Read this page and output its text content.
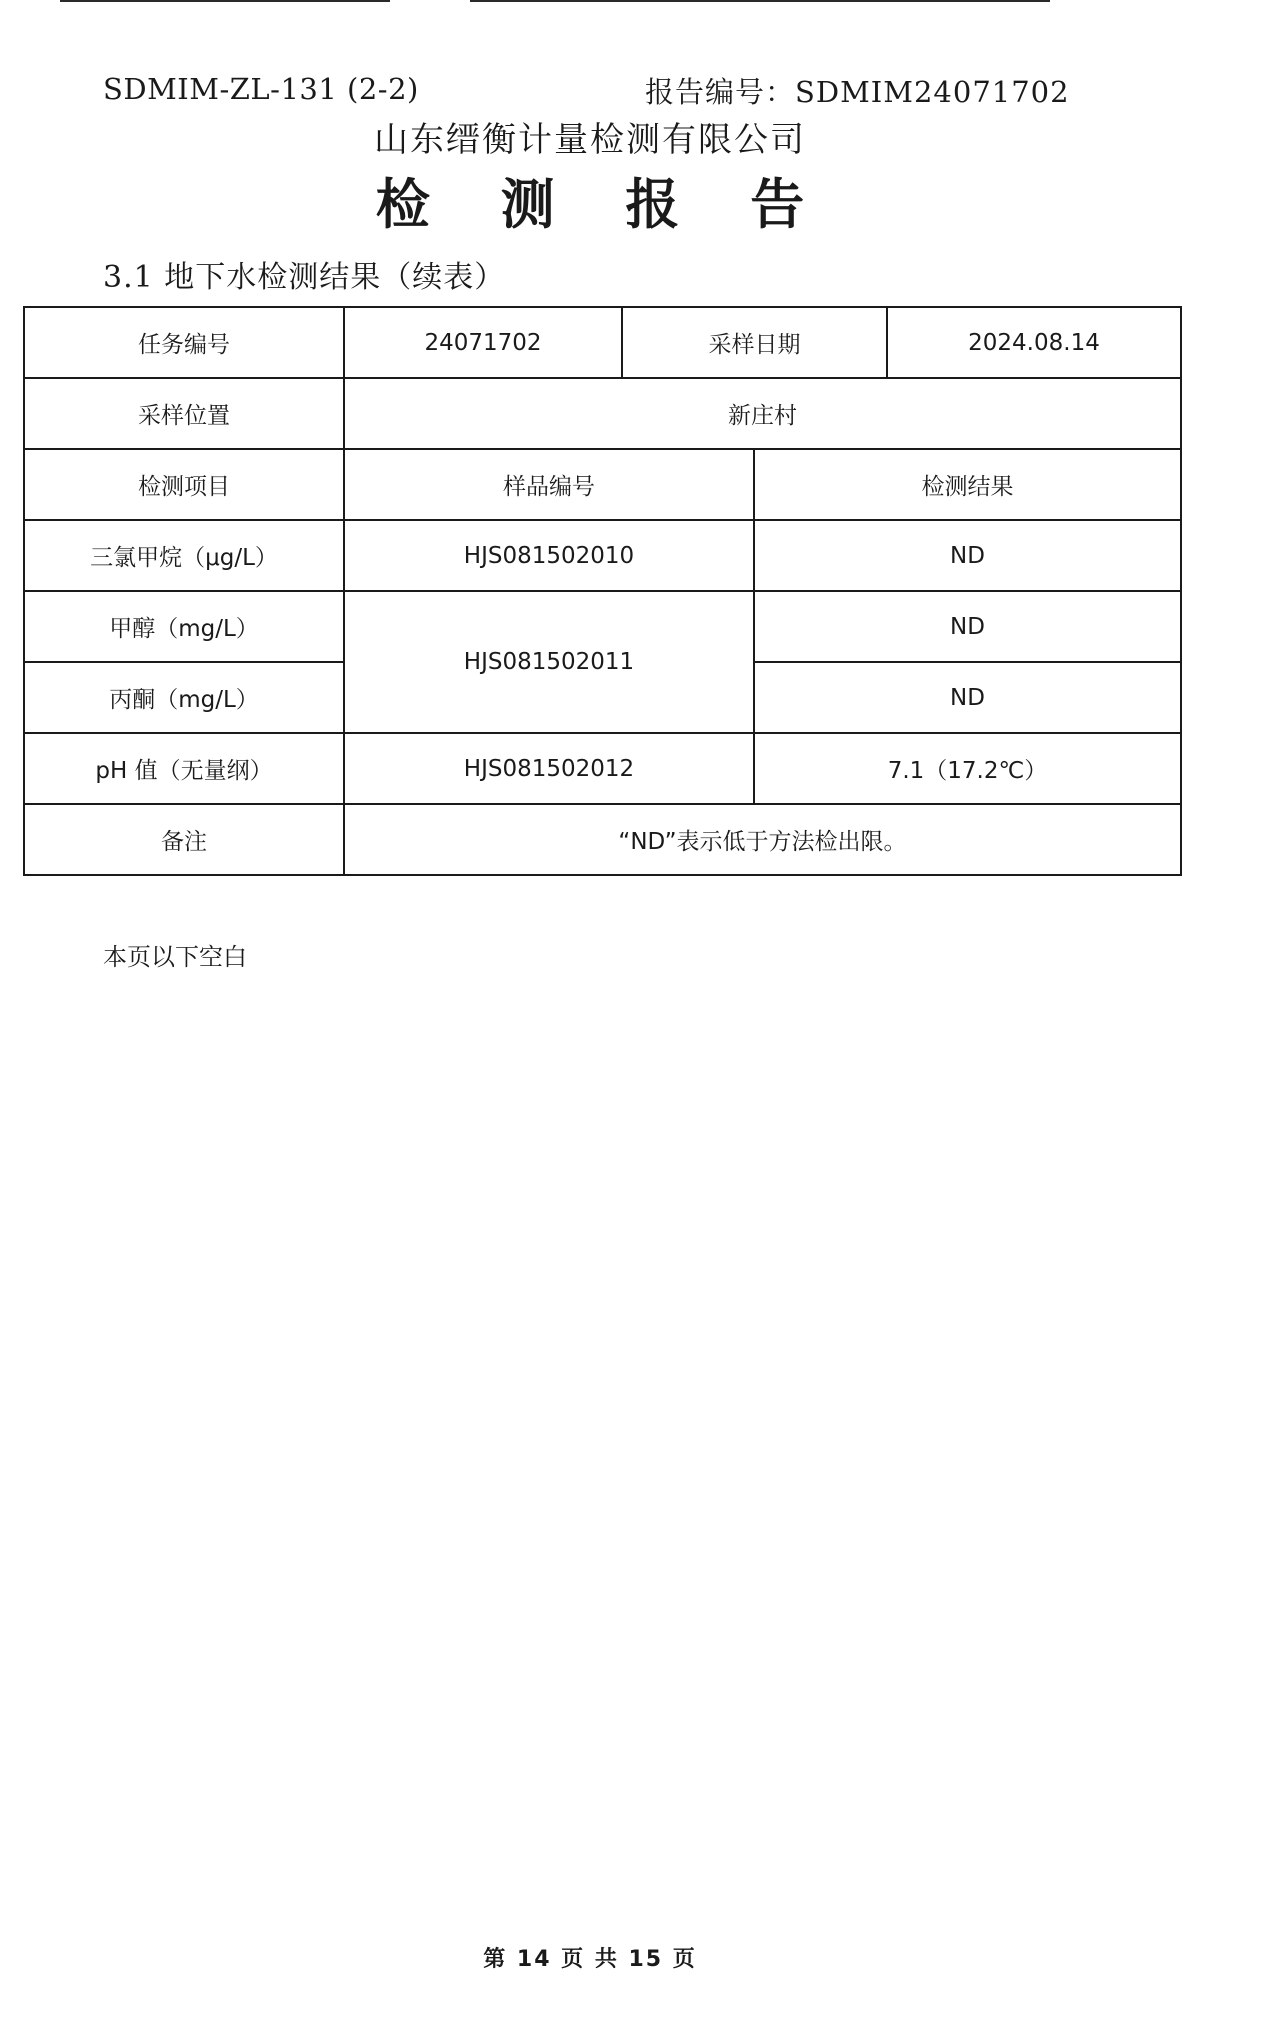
SDMIM-ZL-131 (2-2)	报告编号：SDMIM24071702
山东缙衡计量检测有限公司
检 测 报 告
3.1 地下水检测结果（续表）
任务编号	24071702	采样日期		2024.08.14
采样位置	新庄村			
检测项目	样品编号		检测结果	
三氯甲烷（μg/L）	HJS081502010		ND	
甲醇（mg/L）	HJS081502011		ND	
丙酮（mg/L）			ND	
pH 值（无量纲）	HJS081502012		7.1（17.2℃）	
备注	“ND”表示低于方法检出限。			
本页以下空白
第 14 页 共 15 页
